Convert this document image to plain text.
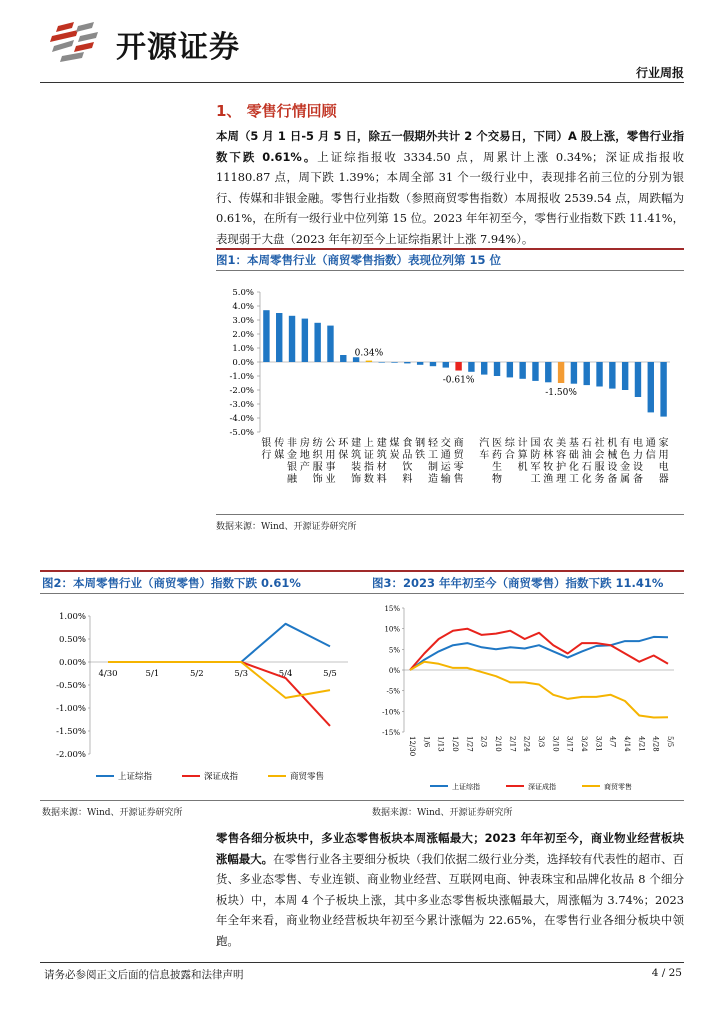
开源证券
行业周报
1、 零售行情回顾
本周（5 月 1 日-5 月 5 日，除五一假期外共计 2 个交易日，下同）A 股上涨，零售行业指数下跌 0.61%。上证综指报收 3334.50 点，周累计上涨 0.34%；深证成指报收 11180.87 点，周下跌 1.39%；本周全部 31 个一级行业中，表现排名前三位的分别为银行、传媒和非银金融。零售行业指数（参照商贸零售指数）本周报收 2539.54 点，周跌幅为 0.61%，在所有一级行业中位列第 15 位。2023 年年初至今，零售行业指数下跌 11.41%，表现弱于大盘（2023 年年初至今上证综指累计上涨 7.94%）。
图1：本周零售行业（商贸零售指数）表现位列第 15 位
5.0%
4.0%
3.0%
2.0%
1.0%
0.0%
-1.0%
-2.0%
-3.0%
-4.0%
-5.0%
银
行
传
媒
非
金
银
融
房
地
产
纺
织
服
饰
公
用
事
业
环
保
建
筑
装
饰
上
证
指
数
建
筑
材
料
煤
炭
食
品
饮
料
钢
铁
轻
工
制
造
交
通
运
输
商
贸
零
售
汽
车
医
药
生
物
综
合
计
算
机
国
防
军
工
农
林
牧
渔
美
容
护
理
基
础
化
工
石
油
石
化
社
会
服
务
机
械
设
备
有
色
金
属
电
力
设
备
通
信
家
用
电
器
0.34%
-0.61%
-1.50%
数据来源：Wind、开源证券研究所
图2：本周零售行业（商贸零售）指数下跌 0.61%	图3：2023 年年初至今（商贸零售）指数下跌 11.41%
1.00%
0.50%
0.00%
-0.50%
-1.00%
-1.50%
-2.00%
4/30	5/1	5/2	5/3	5/4	5/5
上证综指	深证成指	商贸零售
15%
10%
5%
0%
-5%
-10%
-15%
12/30 1/6 1/13 1/20 1/27 2/3 2/10 2/17 2/24 3/3 3/10 3/17 3/24 3/31 4/7 4/14 4/21 4/28 5/5
上证综指	深证成指	商贸零售
数据来源：Wind、开源证券研究所	数据来源：Wind、开源证券研究所
零售各细分板块中，多业态零售板块本周涨幅最大；2023 年年初至今，商业物业经营板块涨幅最大。在零售行业各主要细分板块（我们依据二级行业分类，选择较有代表性的超市、百货、多业态零售、专业连锁、商业物业经营、互联网电商、钟表珠宝和品牌化妆品 8 个细分板块）中，本周 4 个子板块上涨，其中多业态零售板块涨幅最大，周涨幅为 3.74%；2023 年全年来看，商业物业经营板块年初至今累计涨幅为 22.65%，在零售行业各细分板块中领跑。
请务必参阅正文后面的信息披露和法律声明	4 / 25
